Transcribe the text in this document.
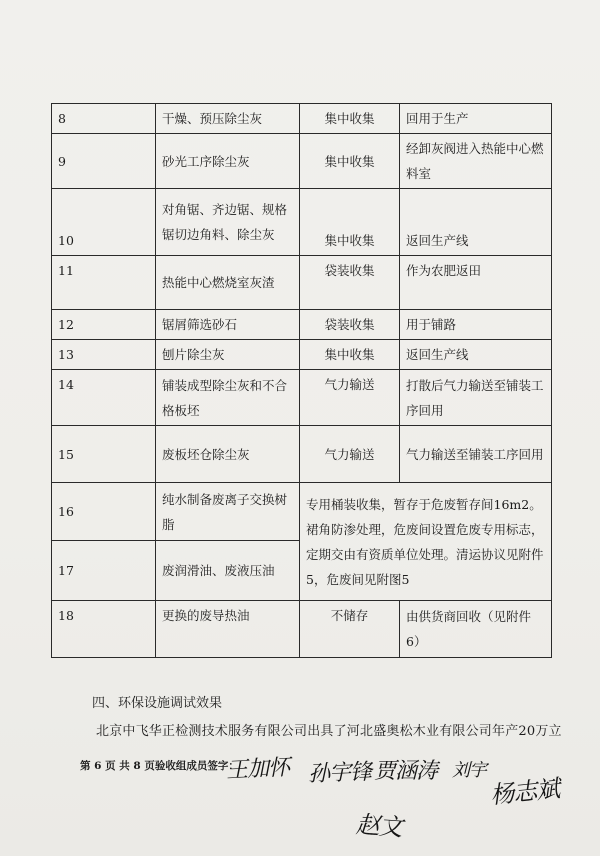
8	干燥、预压除尘灰	集中收集	回用于生产
9	砂光工序除尘灰	集中收集	经卸灰阀进入热能中心燃料室
10	对角锯、齐边锯、规格锯切边角料、除尘灰	集中收集	返回生产线
11	热能中心燃烧室灰渣	袋装收集	作为农肥返田
12	锯屑筛选砂石	袋装收集	用于铺路
13	刨片除尘灰	集中收集	返回生产线
14	铺装成型除尘灰和不合格板坯	气力输送	打散后气力输送至铺装工序回用
15	废板坯仓除尘灰	气力输送	气力输送至铺装工序回用
16	纯水制备废离子交换树脂	专用桶装收集，暂存于危废暂存间16m2。裙角防渗处理，危废间设置危废专用标志，定期交由有资质单位处理。清运协议见附件5，危废间见附图5	
17	废润滑油、废液压油		
18	更换的废导热油	不储存	由供货商回收（见附件6）
四、环保设施调试效果
北京中飞华正检测技术服务有限公司出具了河北盛奥松木业有限公司年产20万立
第 6 页 共 8 页验收组成员签字：
王加怀 孙宇锋 贾涵涛 刘宇
杨志斌
赵文
